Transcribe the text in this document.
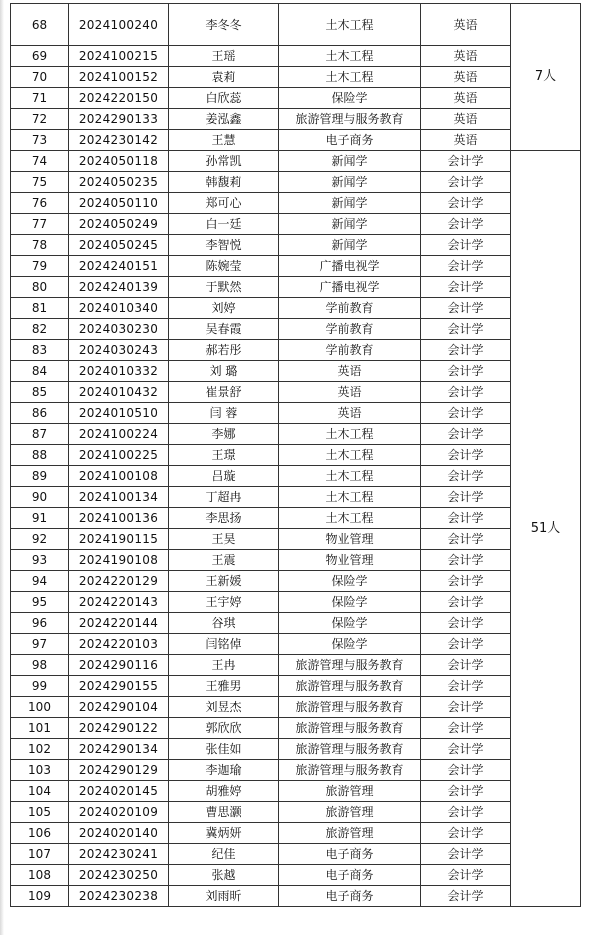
68	2024100240	李冬冬	土木工程	英语	7人
69	2024100215	王瑶	土木工程	英语	
70	2024100152	袁莉	土木工程	英语	
71	2024220150	白欣蕊	保险学	英语	
72	2024290133	姜泓鑫	旅游管理与服务教育	英语	
73	2024230142	王慧	电子商务	英语	
74	2024050118	孙常凯	新闻学	会计学	51人
75	2024050235	韩馥莉	新闻学	会计学	
76	2024050110	郑可心	新闻学	会计学	
77	2024050249	白一廷	新闻学	会计学	
78	2024050245	李智悦	新闻学	会计学	
79	2024240151	陈婉莹	广播电视学	会计学	
80	2024240139	于默然	广播电视学	会计学	
81	2024010340	刘婷	学前教育	会计学	
82	2024030230	吴春霞	学前教育	会计学	
83	2024030243	郝若彤	学前教育	会计学	
84	2024010332	刘 璐	英语	会计学	
85	2024010432	崔景舒	英语	会计学	
86	2024010510	闫 蓉	英语	会计学	
87	2024100224	李娜	土木工程	会计学	
88	2024100225	王璟	土木工程	会计学	
89	2024100108	吕璇	土木工程	会计学	
90	2024100134	丁超冉	土木工程	会计学	
91	2024100136	李思扬	土木工程	会计学	
92	2024190115	王昊	物业管理	会计学	
93	2024190108	王震	物业管理	会计学	
94	2024220129	王新媛	保险学	会计学	
95	2024220143	王宇婷	保险学	会计学	
96	2024220144	谷琪	保险学	会计学	
97	2024220103	闫铭倬	保险学	会计学	
98	2024290116	王冉	旅游管理与服务教育	会计学	
99	2024290155	王雅男	旅游管理与服务教育	会计学	
100	2024290104	刘昱杰	旅游管理与服务教育	会计学	
101	2024290122	郭欣欣	旅游管理与服务教育	会计学	
102	2024290134	张佳如	旅游管理与服务教育	会计学	
103	2024290129	李迦瑜	旅游管理与服务教育	会计学	
104	2024020145	胡雅婷	旅游管理	会计学	
105	2024020109	曹思灏	旅游管理	会计学	
106	2024020140	冀炳妍	旅游管理	会计学	
107	2024230241	纪佳	电子商务	会计学	
108	2024230250	张越	电子商务	会计学	
109	2024230238	刘雨昕	电子商务	会计学	
